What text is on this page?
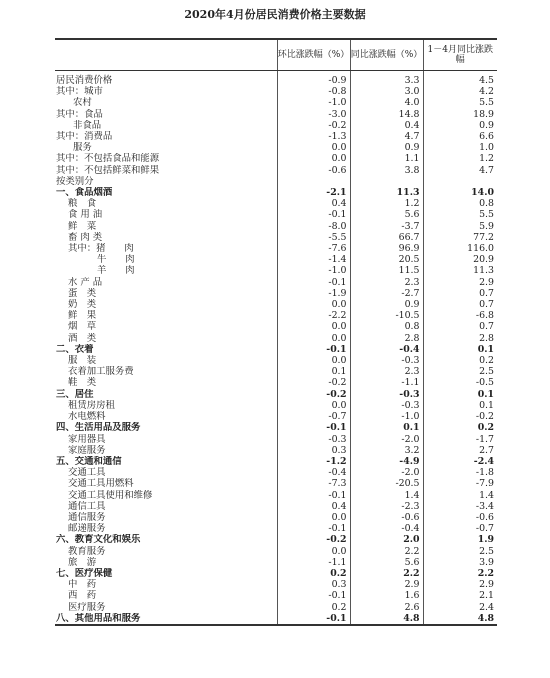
2020年4月份居民消费价格主要数据
	环比涨跌幅（%）	同比涨跌幅（%）	1－4月同比涨跌幅
居民消费价格	-0.9	3.3	4.5
其中：城市	-0.8	3.0	4.2
农村	-1.0	4.0	5.5
其中：食品	-3.0	14.8	18.9
非食品	-0.2	0.4	0.9
其中：消费品	-1.3	4.7	6.6
服务	0.0	0.9	1.0
其中：不包括食品和能源	0.0	1.1	1.2
其中：不包括鲜菜和鲜果	-0.6	3.8	4.7
按类别分			
一、食品烟酒	-2.1	11.3	14.0
粮　食	0.4	1.2	0.8
食 用 油	-0.1	5.6	5.5
鲜　菜	-8.0	-3.7	5.9
畜 肉 类	-5.5	66.7	77.2
其中：猪　　肉	-7.6	96.9	116.0
牛　　肉	-1.4	20.5	20.9
羊　　肉	-1.0	11.5	11.3
水 产 品	-0.1	2.3	2.9
蛋　类	-1.9	-2.7	0.7
奶　类	0.0	0.9	0.7
鲜　果	-2.2	-10.5	-6.8
烟　草	0.0	0.8	0.7
酒　类	0.0	2.8	2.8
二、衣着	-0.1	-0.4	0.1
服　装	0.0	-0.3	0.2
衣着加工服务费	0.1	2.3	2.5
鞋　类	-0.2	-1.1	-0.5
三、居住	-0.2	-0.3	0.1
租赁房房租	0.0	-0.3	0.1
水电燃料	-0.7	-1.0	-0.2
四、生活用品及服务	-0.1	0.1	0.2
家用器具	-0.3	-2.0	-1.7
家庭服务	0.3	3.2	2.7
五、交通和通信	-1.2	-4.9	-2.4
交通工具	-0.4	-2.0	-1.8
交通工具用燃料	-7.3	-20.5	-7.9
交通工具使用和维修	-0.1	1.4	1.4
通信工具	0.4	-2.3	-3.4
通信服务	0.0	-0.6	-0.6
邮递服务	-0.1	-0.4	-0.7
六、教育文化和娱乐	-0.2	2.0	1.9
教育服务	0.0	2.2	2.5
旅　游	-1.1	5.6	3.9
七、医疗保健	0.2	2.2	2.2
中　药	0.3	2.9	2.9
西　药	-0.1	1.6	2.1
医疗服务	0.2	2.6	2.4
八、其他用品和服务	-0.1	4.8	4.8
